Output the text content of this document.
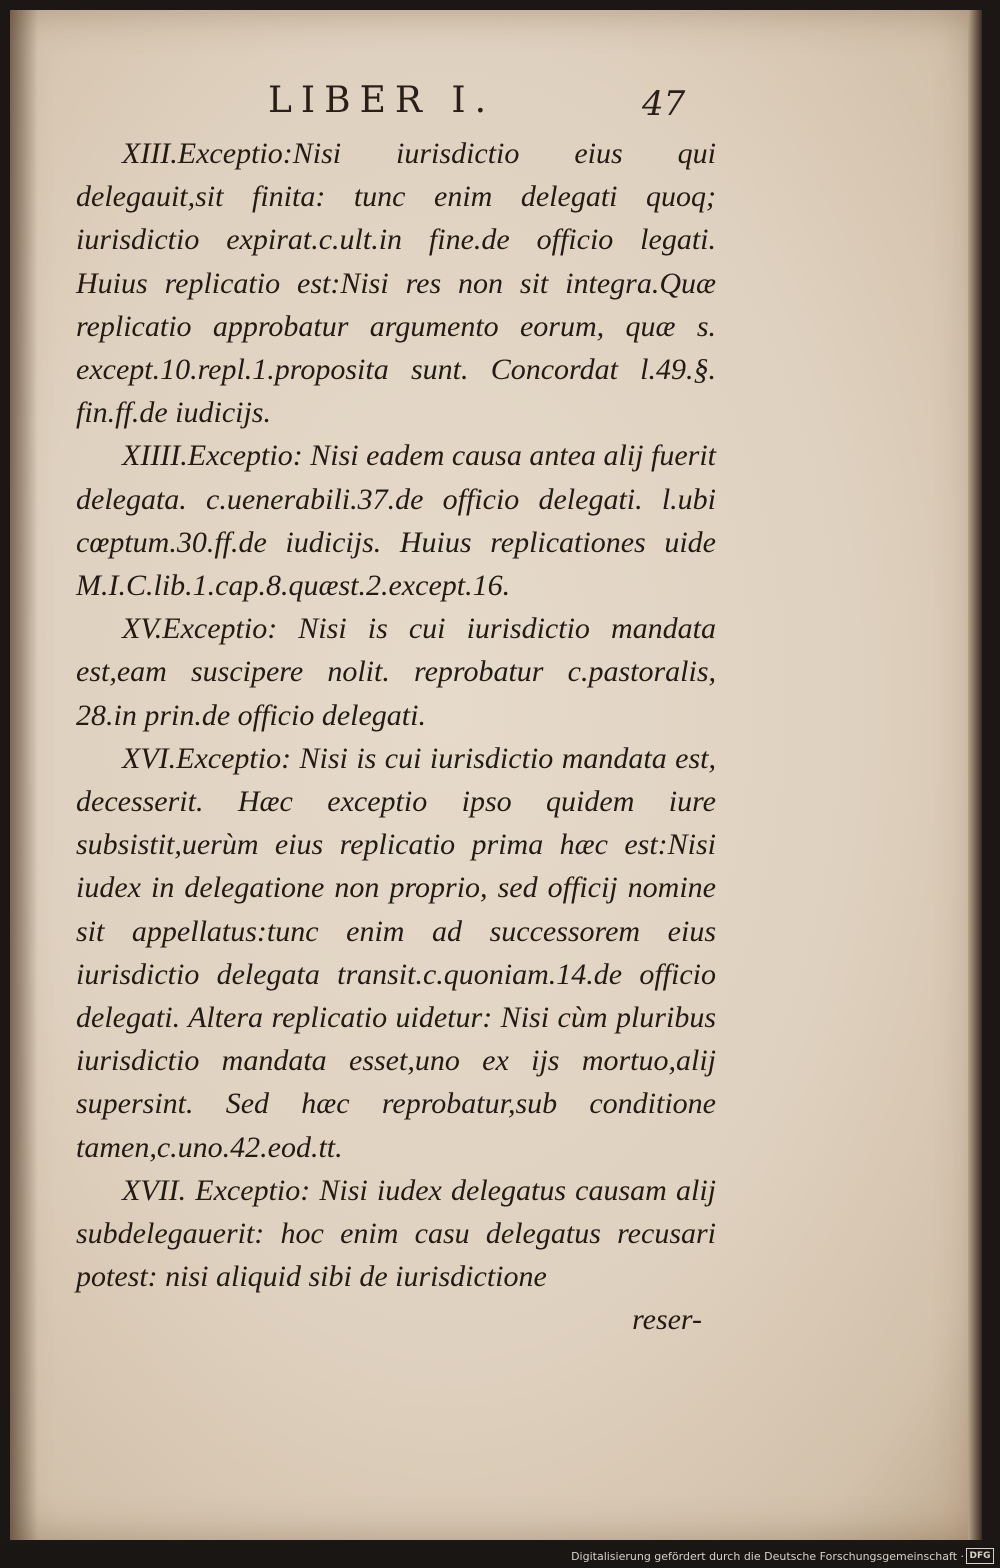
LIBER I.	47

XIII.Exceptio:Nisi iurisdictio eius qui delegauit,sit finita: tunc enim delegati quoq; iurisdictio expirat.c.ult.in fine.de officio legati. Huius replicatio est:Nisi res non sit integra.Quæ replicatio approbatur argumento eorum, quæ s. except.10.repl.1.proposita sunt. Concordat l.49.§. fin.ff.de iudicijs.

XIIII.Exceptio: Nisi eadem causa antea alij fuerit delegata. c.uenerabili.37.de officio delegati. l.ubi cœptum.30.ff.de iudicijs. Huius replicationes uide M.I.C.lib.1.cap.8.quæst.2.except.16.

XV.Exceptio: Nisi is cui iurisdictio mandata est,eam suscipere nolit. reprobatur c.pastoralis, 28.in prin.de officio delegati.

XVI.Exceptio: Nisi is cui iurisdictio mandata est, decesserit. Hæc exceptio ipso quidem iure subsistit,uerùm eius replicatio prima hæc est:Nisi iudex in delegatione non proprio, sed officij nomine sit appellatus:tunc enim ad successorem eius iurisdictio delegata transit.c.quoniam.14.de officio delegati. Altera replicatio uidetur: Nisi cùm pluribus iurisdictio mandata esset,uno ex ijs mortuo,alij supersint. Sed hæc reprobatur,sub conditione tamen,c.uno.42.eod.tt.

XVII. Exceptio: Nisi iudex delegatus causam alij subdelegauerit: hoc enim casu delegatus recusari potest: nisi aliquid sibi de iurisdictione

reser-

Digitalisierung gefördert durch die Deutsche Forschungsgemeinschaft · DFG
